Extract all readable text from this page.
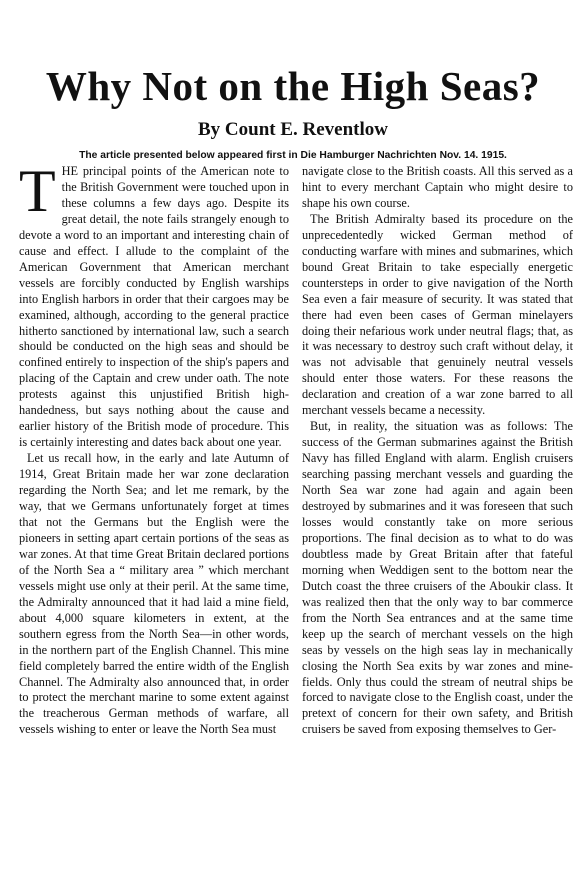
Why Not on the High Seas?
By Count E. Reventlow
The article presented below appeared first in Die Hamburger Nachrichten Nov. 14. 1915.

THE principal points of the American note to the British Government were touched upon in these columns a few days ago. Despite its great detail, the note fails strangely enough to devote a word to an important and interesting chain of cause and effect. I allude to the complaint of the American Government that American merchant vessels are forcibly conducted by English warships into English harbors in order that their cargoes may be examined, although, according to the general practice hitherto sanctioned by international law, such a search should be conducted on the high seas and should be confined entirely to inspection of the ship's papers and placing of the Captain and crew under oath. The note protests against this unjustified British high-handedness, but says nothing about the cause and earlier history of the British mode of procedure. This is certainly interesting and dates back about one year.

Let us recall how, in the early and late Autumn of 1914, Great Britain made her war zone declaration regarding the North Sea; and let me remark, by the way, that we Germans unfortunately forget at times that not the Germans but the English were the pioneers in setting apart certain portions of the seas as war zones. At that time Great Britain declared portions of the North Sea a “ military area ” which merchant vessels might use only at their peril. At the same time, the Admiralty announced that it had laid a mine field, about 4,000 square kilometers in extent, at the southern egress from the North Sea—in other words, in the northern part of the English Channel. This mine field completely barred the entire width of the English Channel. The Admiralty also announced that, in order to protect the merchant marine to some extent against the treacherous German methods of warfare, all vessels wishing to enter or leave the North Sea must

navigate close to the British coasts. All this served as a hint to every merchant Captain who might desire to shape his own course.

The British Admiralty based its procedure on the unprecedentedly wicked German method of conducting warfare with mines and submarines, which bound Great Britain to take especially energetic countersteps in order to give navigation of the North Sea even a fair measure of security. It was stated that there had even been cases of German minelayers doing their nefarious work under neutral flags; that, as it was necessary to destroy such craft without delay, it was not advisable that genuinely neutral vessels should enter those waters. For these reasons the declaration and creation of a war zone barred to all merchant vessels became a necessity.

But, in reality, the situation was as follows: The success of the German submarines against the British Navy has filled England with alarm. English cruisers searching passing merchant vessels and guarding the North Sea war zone had again and again been destroyed by submarines and it was foreseen that such losses would constantly take on more serious proportions. The final decision as to what to do was doubtless made by Great Britain after that fateful morning when Weddigen sent to the bottom near the Dutch coast the three cruisers of the Aboukir class. It was realized then that the only way to bar commerce from the North Sea entrances and at the same time keep up the search of merchant vessels on the high seas by vessels on the high seas lay in mechanically closing the North Sea exits by war zones and mine-fields. Only thus could the stream of neutral ships be forced to navigate close to the English coast, under the pretext of concern for their own safety, and British cruisers be saved from exposing themselves to Ger-
